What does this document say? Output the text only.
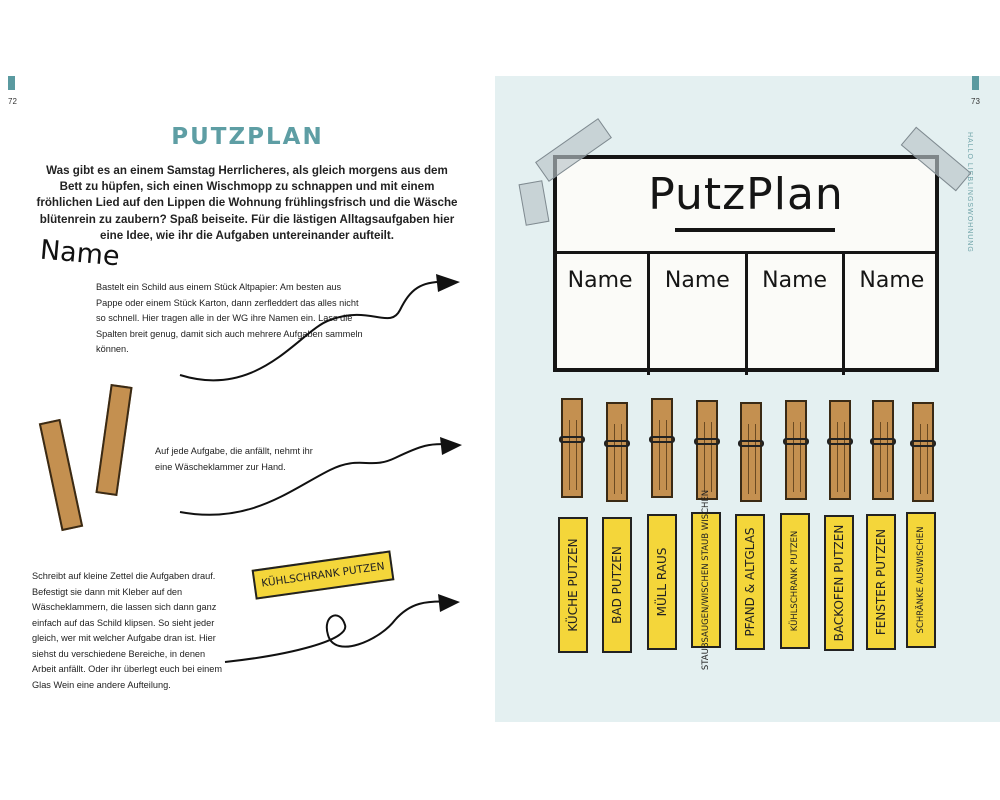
72
PUTZPLAN
Was gibt es an einem Samstag Herrlicheres, als gleich morgens aus dem Bett zu hüpfen, sich einen Wischmopp zu schnappen und mit einem fröhlichen Lied auf den Lippen die Wohnung frühlingsfrisch und die Wäsche blütenrein zu zaubern? Spaß beiseite. Für die lästigen Alltagsaufgaben hier eine Idee, wie ihr die Aufgaben untereinander aufteilt.
Name
Bastelt ein Schild aus einem Stück Altpapier: Am besten aus Pappe oder einem Stück Karton, dann zerfleddert das alles nicht so schnell. Hier tragen alle in der WG ihre Namen ein. Lass die Spalten breit genug, damit sich auch mehrere Aufgaben sammeln können.
Auf jede Aufgabe, die anfällt, nehmt ihr eine Wäscheklammer zur Hand.
Schreibt auf kleine Zettel die Aufgaben drauf. Befestigt sie dann mit Kleber auf den Wäscheklammern, die lassen sich dann ganz einfach auf das Schild klipsen. So sieht jeder gleich, wer mit welcher Aufgabe dran ist. Hier siehst du verschiedene Bereiche, in denen Arbeit anfällt. Oder ihr überlegt euch bei einem Glas Wein eine andere Aufteilung.
KÜHLSCHRANK PUTZEN
73
HALLO LIEBLINGSWOHNUNG
PutzPlan
Name	Name	Name	Name
KÜCHE PUTZEN	BAD PUTZEN	MÜLL RAUS	STAUBSAUGEN/WISCHEN STAUB WISCHEN	PFAND & ALTGLAS	KÜHLSCHRANK PUTZEN	BACKOFEN PUTZEN FENSTER PUTZEN	SCHRÄNKE AUSWISCHEN
